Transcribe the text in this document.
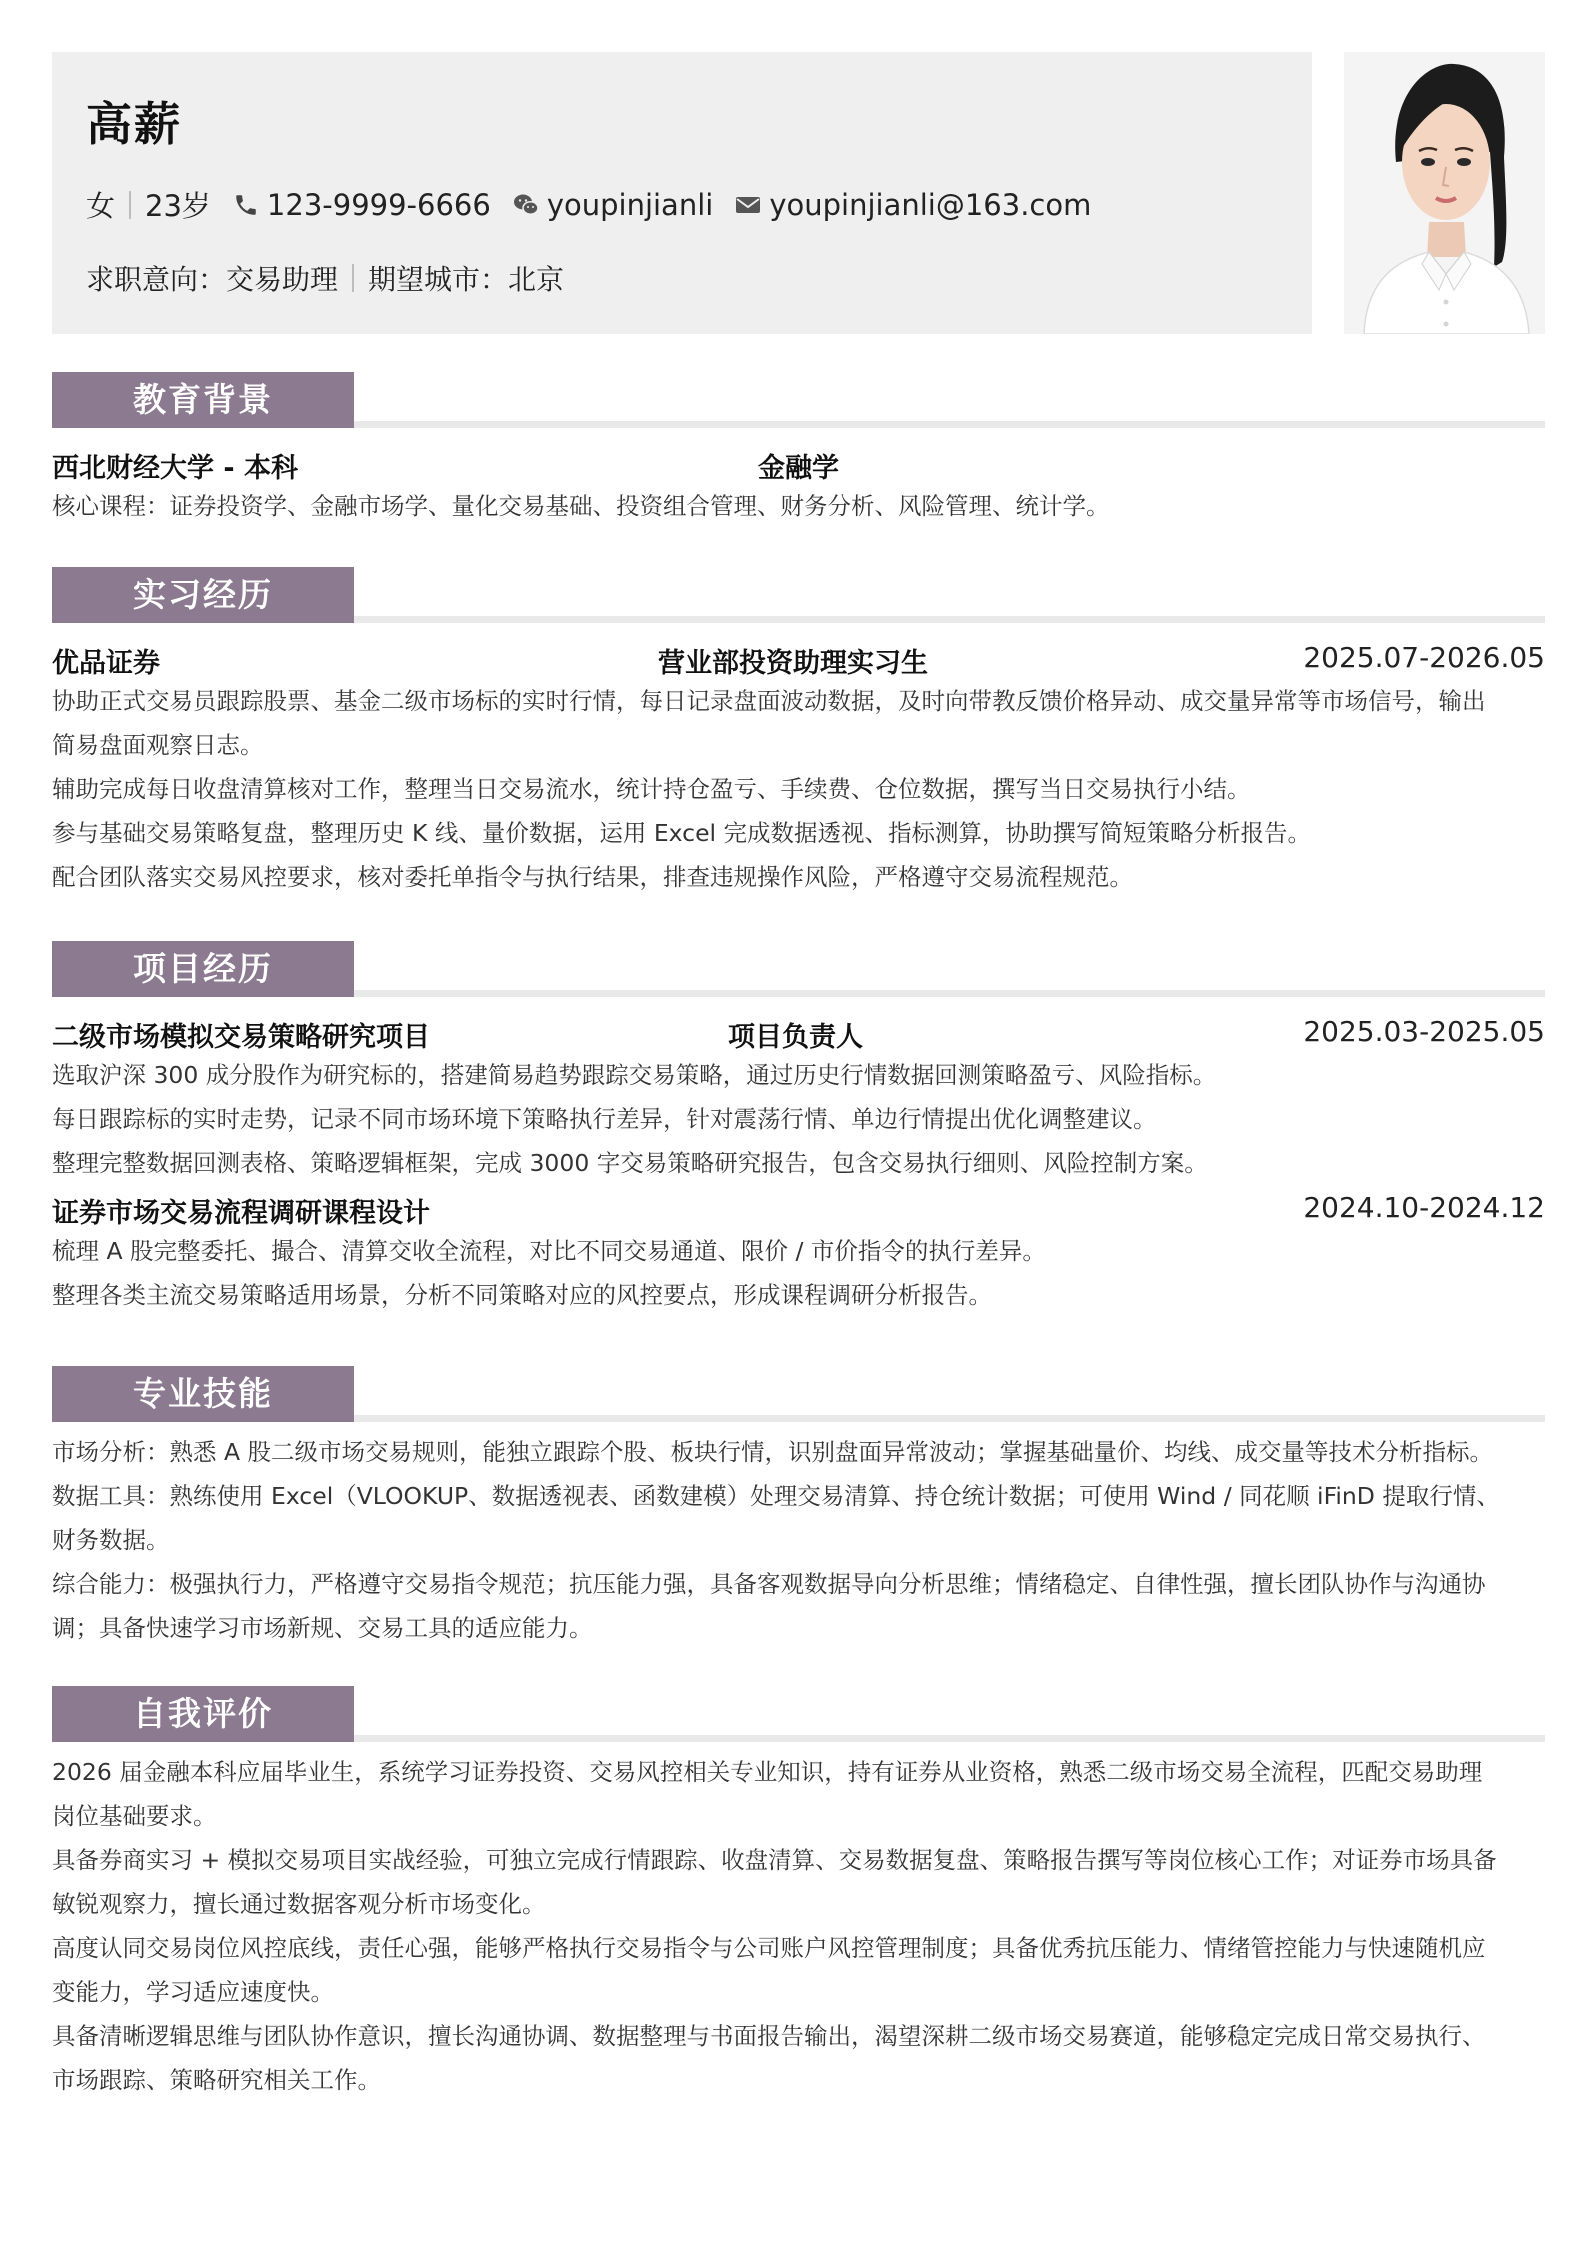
高薪
女 23岁 123-9999-6666 youpinjianli youpinjianli@163.com
求职意向：交易助理 期望城市：北京
教育背景
西北财经大学 - 本科	金融学

核心课程：证券投资学、金融市场学、量化交易基础、投资组合管理、财务分析、风险管理、统计学。

实习经历
优品证券	营业部投资助理实习生	2025.07-2026.05

协助正式交易员跟踪股票、基金二级市场标的实时行情，每日记录盘面波动数据，及时向带教反馈价格异动、成交量异常等市场信号，输出

简易盘面观察日志。

辅助完成每日收盘清算核对工作，整理当日交易流水，统计持仓盈亏、手续费、仓位数据，撰写当日交易执行小结。

参与基础交易策略复盘，整理历史 K 线、量价数据，运用 Excel 完成数据透视、指标测算，协助撰写简短策略分析报告。

配合团队落实交易风控要求，核对委托单指令与执行结果，排查违规操作风险，严格遵守交易流程规范。

项目经历
二级市场模拟交易策略研究项目	项目负责人	2025.03-2025.05

选取沪深 300 成分股作为研究标的，搭建简易趋势跟踪交易策略，通过历史行情数据回测策略盈亏、风险指标。

每日跟踪标的实时走势，记录不同市场环境下策略执行差异，针对震荡行情、单边行情提出优化调整建议。

整理完整数据回测表格、策略逻辑框架，完成 3000 字交易策略研究报告，包含交易执行细则、风险控制方案。

证券市场交易流程调研课程设计	2024.10-2024.12

梳理 A 股完整委托、撮合、清算交收全流程，对比不同交易通道、限价 / 市价指令的执行差异。

整理各类主流交易策略适用场景，分析不同策略对应的风控要点，形成课程调研分析报告。

专业技能

市场分析：熟悉 A 股二级市场交易规则，能独立跟踪个股、板块行情，识别盘面异常波动；掌握基础量价、均线、成交量等技术分析指标。

数据工具：熟练使用 Excel（VLOOKUP、数据透视表、函数建模）处理交易清算、持仓统计数据；可使用 Wind / 同花顺 iFinD 提取行情、

财务数据。

综合能力：极强执行力，严格遵守交易指令规范；抗压能力强，具备客观数据导向分析思维；情绪稳定、自律性强，擅长团队协作与沟通协

调；具备快速学习市场新规、交易工具的适应能力。

自我评价

2026 届金融本科应届毕业生，系统学习证券投资、交易风控相关专业知识，持有证券从业资格，熟悉二级市场交易全流程，匹配交易助理

岗位基础要求。

具备券商实习 + 模拟交易项目实战经验，可独立完成行情跟踪、收盘清算、交易数据复盘、策略报告撰写等岗位核心工作；对证券市场具备

敏锐观察力，擅长通过数据客观分析市场变化。

高度认同交易岗位风控底线，责任心强，能够严格执行交易指令与公司账户风控管理制度；具备优秀抗压能力、情绪管控能力与快速随机应

变能力，学习适应速度快。

具备清晰逻辑思维与团队协作意识，擅长沟通协调、数据整理与书面报告输出，渴望深耕二级市场交易赛道，能够稳定完成日常交易执行、

市场跟踪、策略研究相关工作。
